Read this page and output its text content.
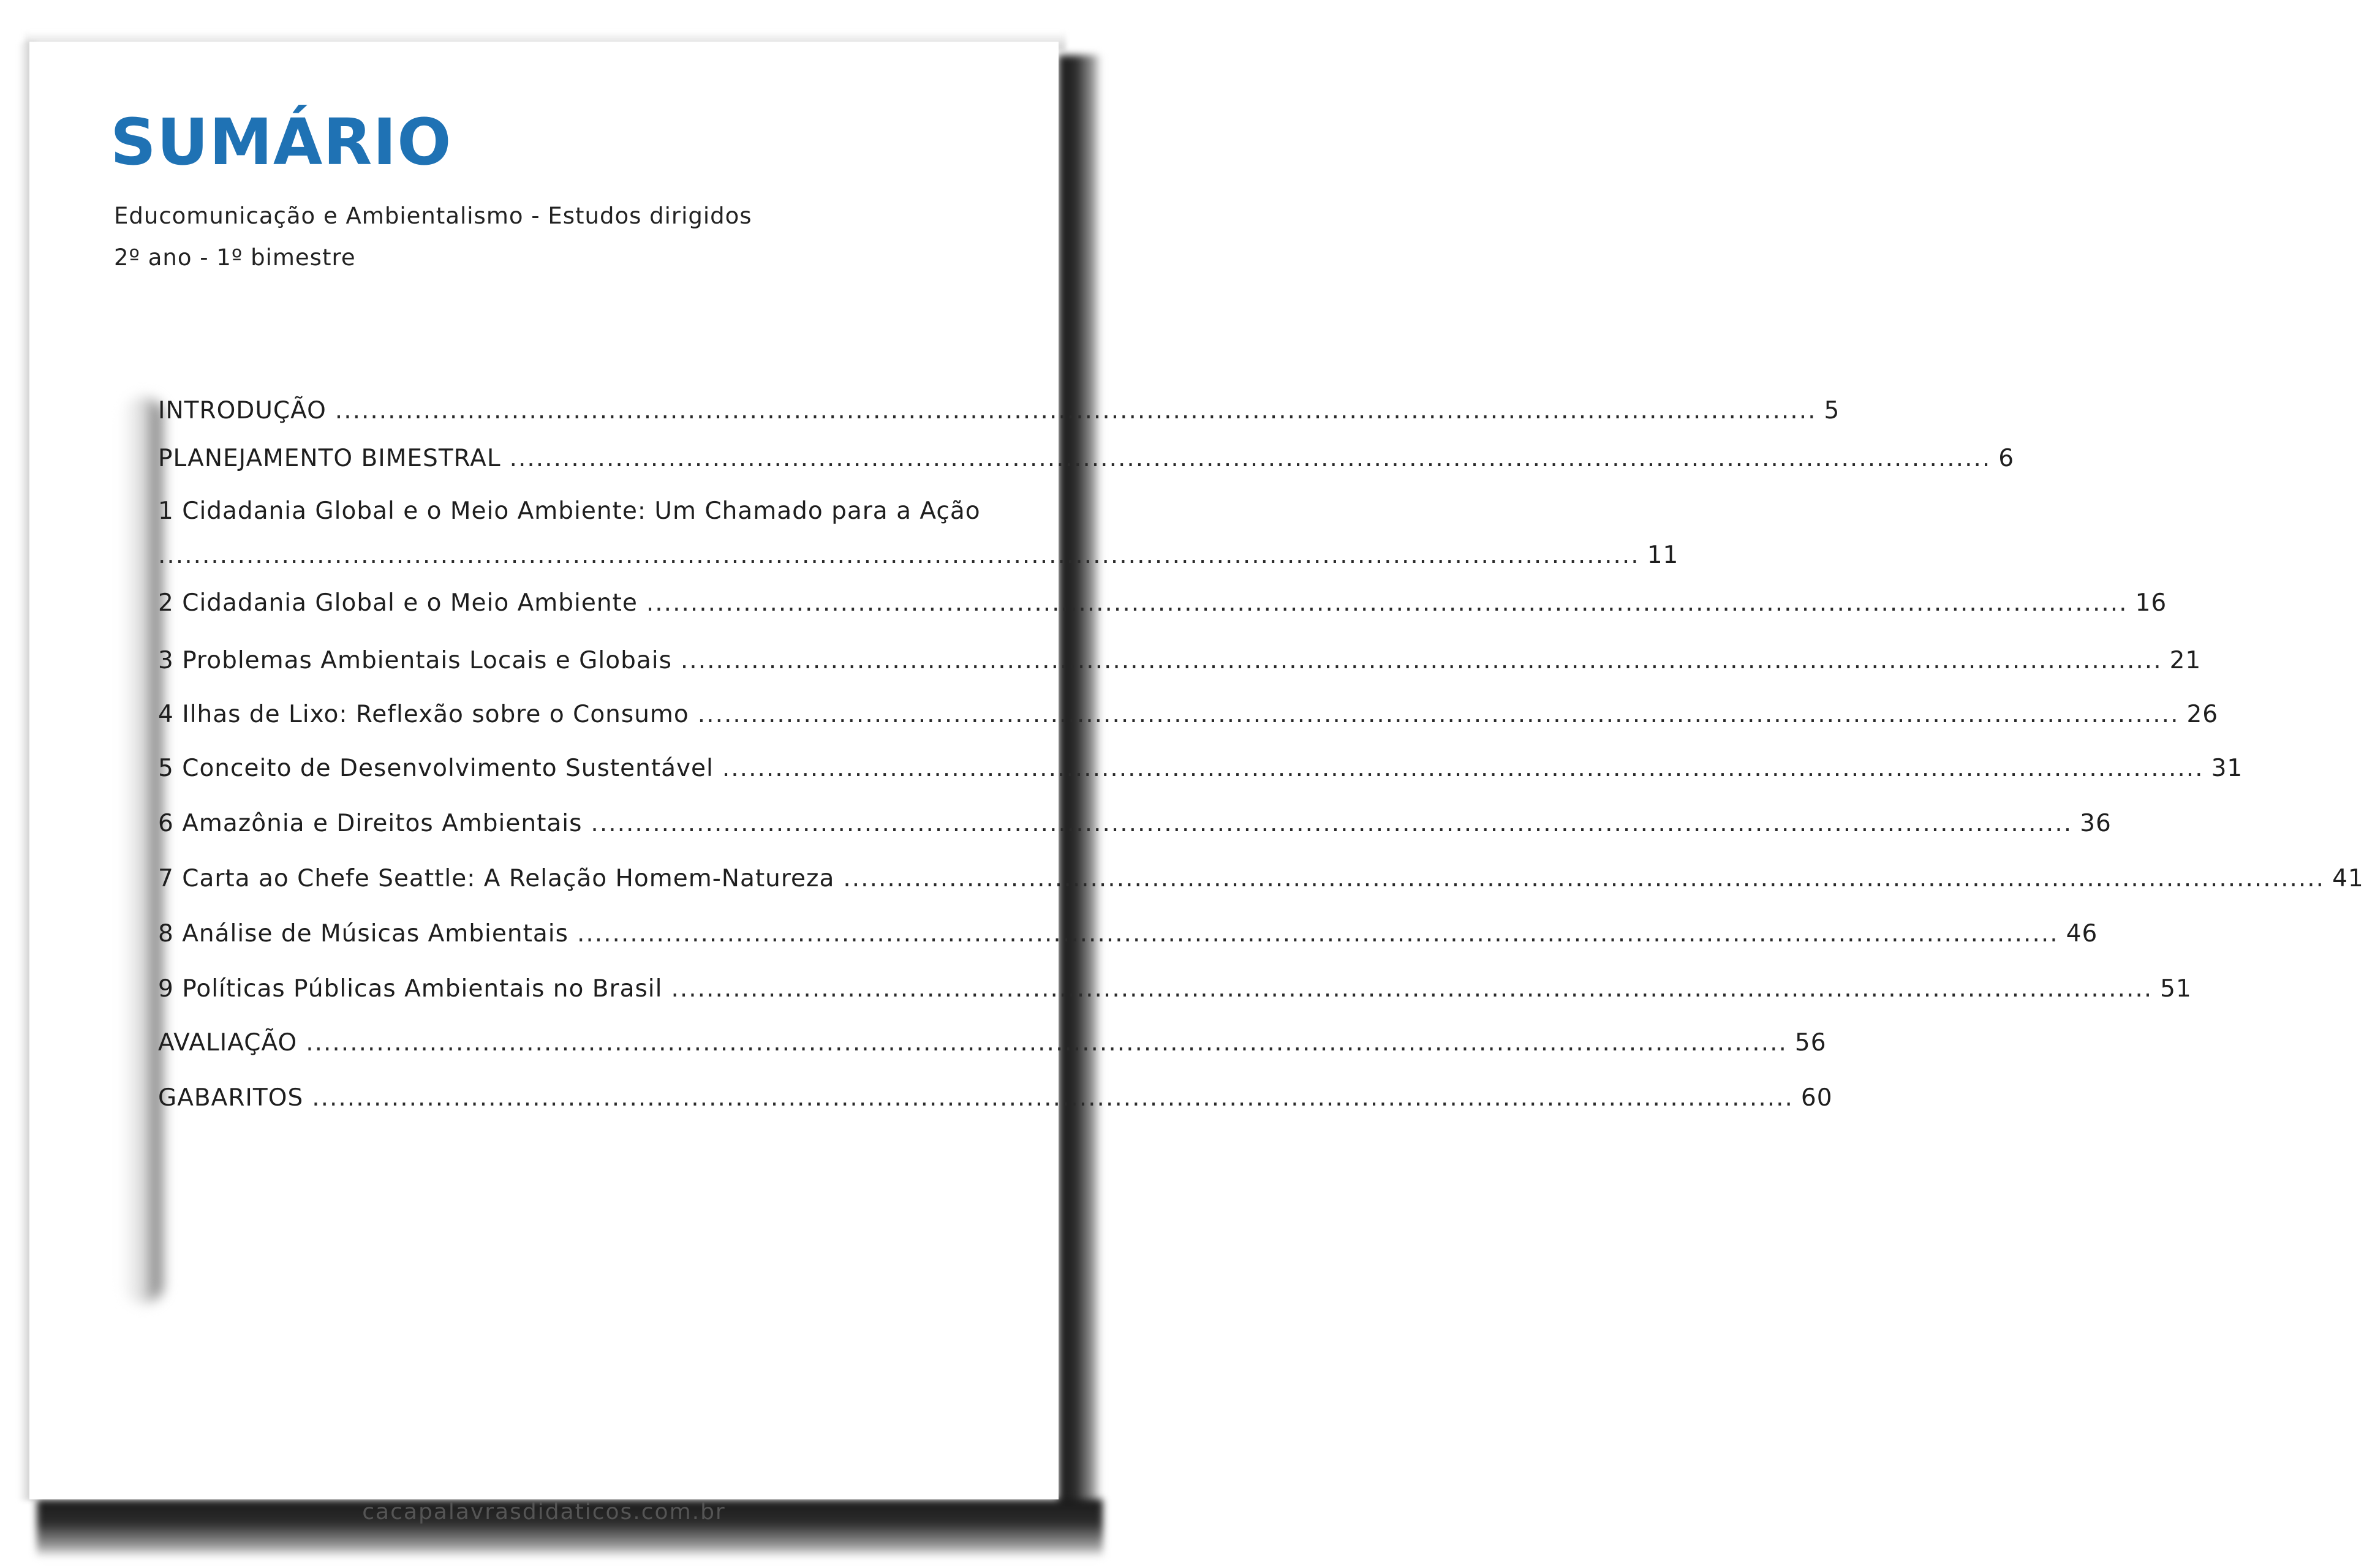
SUMÁRIO

Educomunicação e Ambientalismo - Estudos dirigidos

2º ano - 1º bimestre

INTRODUÇÃO ........................................................................................................................................................................ 5
PLANEJAMENTO BIMESTRAL ........................................................................................................................................................................ 6
1 Cidadania Global e o Meio Ambiente: Um Chamado para a Ação
........................................................................................................................................................................ 11
2 Cidadania Global e o Meio Ambiente ........................................................................................................................................................................ 16
3 Problemas Ambientais Locais e Globais ........................................................................................................................................................................ 21
4 Ilhas de Lixo: Reflexão sobre o Consumo ........................................................................................................................................................................ 26
5 Conceito de Desenvolvimento Sustentável ........................................................................................................................................................................ 31
6 Amazônia e Direitos Ambientais ........................................................................................................................................................................ 36
7 Carta ao Chefe Seattle: A Relação Homem-Natureza ........................................................................................................................................................................ 41
8 Análise de Músicas Ambientais ........................................................................................................................................................................ 46
9 Políticas Públicas Ambientais no Brasil ........................................................................................................................................................................ 51
AVALIAÇÃO ........................................................................................................................................................................ 56
GABARITOS ........................................................................................................................................................................ 60

cacapalavrasdidaticos.com.br
